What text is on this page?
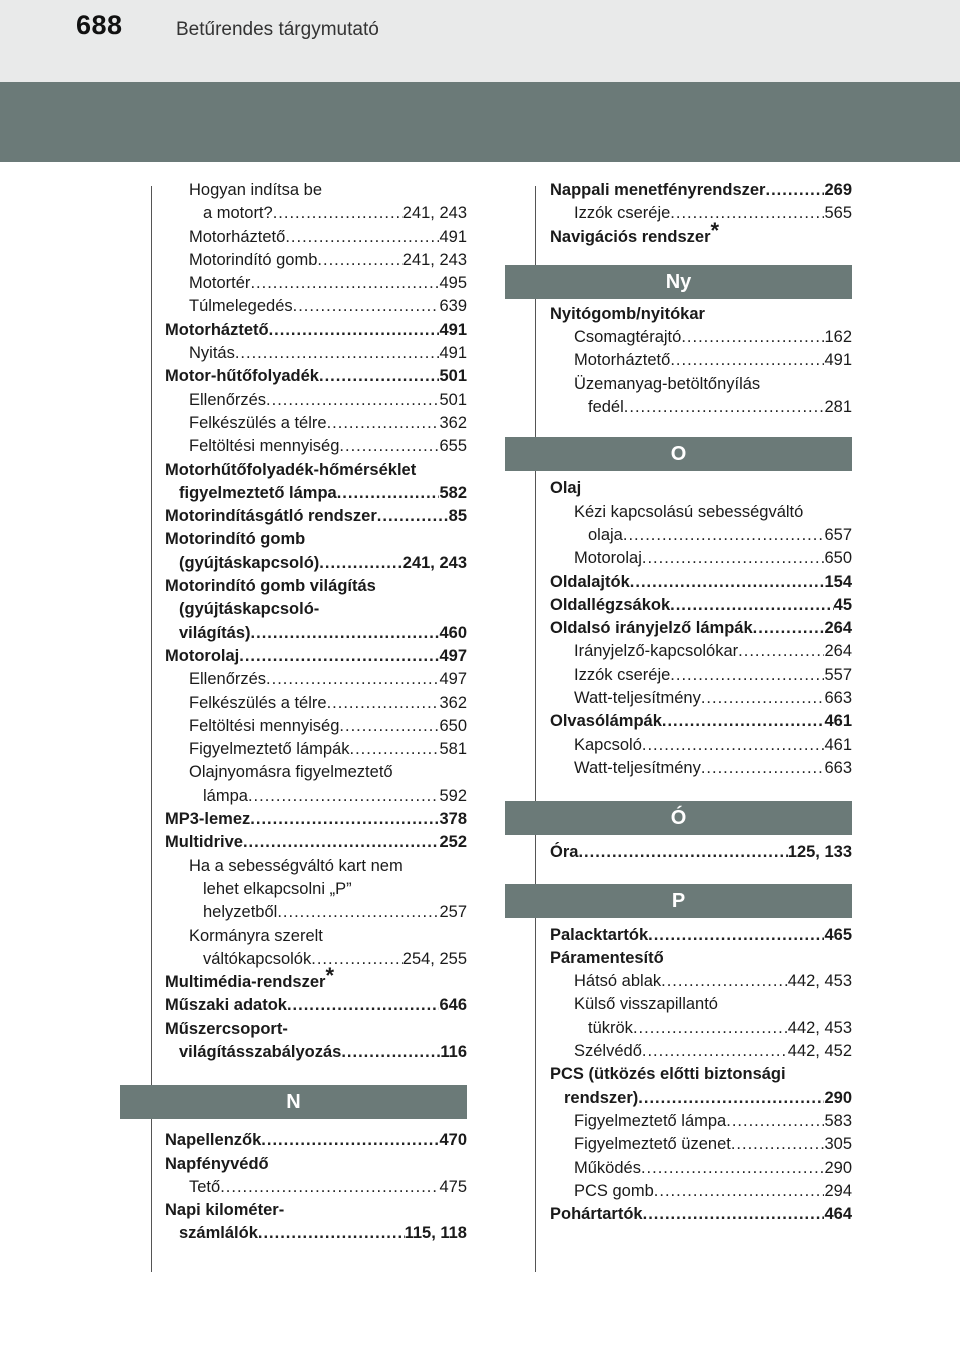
688	Betűrendes tárgymutató
Hogyan indítsa be
a motort? .....	241, 243
Motorháztető .....	491
Motorindító gomb .....	241, 243
Motortér .....	495
Túlmelegedés .....	639
Motorháztető .....	491
Nyitás .....	491
Motor-hűtőfolyadék .....	501
Ellenőrzés .....	501
Felkészülés a télre .....	362
Feltöltési mennyiség .....	655
Motorhűtőfolyadék-hőmérséklet
figyelmeztető lámpa .....	582
Motorindításgátló rendszer .....	85
Motorindító gomb
(gyújtáskapcsoló) .....	241, 243
Motorindító gomb világítás
(gyújtáskapcsoló-
világítás) .....	460
Motorolaj .....	497
Ellenőrzés .....	497
Felkészülés a télre .....	362
Feltöltési mennyiség .....	650
Figyelmeztető lámpák .....	581
Olajnyomásra figyelmeztető
lámpa .....	592
MP3-lemez .....	378
Multidrive .....	252
Ha a sebességváltó kart nem
lehet elkapcsolni „P”
helyzetből .....	257
Kormányra szerelt
váltókapcsolók .....	254, 255
Multimédia-rendszer*
Műszaki adatok .....	646
Műszercsoport-
világításszabályozás .....	116
N
Napellenzők .....	470
Napfényvédő
Tető .....	475
Napi kilométer-
számlálók .....	115, 118
Nappali menetfényrendszer .....	269
Izzók cseréje .....	565
Navigációs rendszer*
Ny
Nyitógomb/nyitókar
Csomagtérajtó .....	162
Motorháztető .....	491
Üzemanyag-betöltőnyílás
fedél .....	281
O
Olaj
Kézi kapcsolású sebességváltó
olaja .....	657
Motorolaj .....	650
Oldalajtók .....	154
Oldallégzsákok .....	45
Oldalsó irányjelző lámpák .....	264
Irányjelző-kapcsolókar .....	264
Izzók cseréje .....	557
Watt-teljesítmény .....	663
Olvasólámpák .....	461
Kapcsoló .....	461
Watt-teljesítmény .....	663
Ó
Óra .....	125, 133
P
Palacktartók .....	465
Páramentesítő
Hátsó ablak .....	442, 453
Külső visszapillantó
tükrök .....	442, 453
Szélvédő .....	442, 452
PCS (ütközés előtti biztonsági
rendszer) .....	290
Figyelmeztető lámpa .....	583
Figyelmeztető üzenet .....	305
Működés .....	290
PCS gomb .....	294
Pohártartók .....	464
